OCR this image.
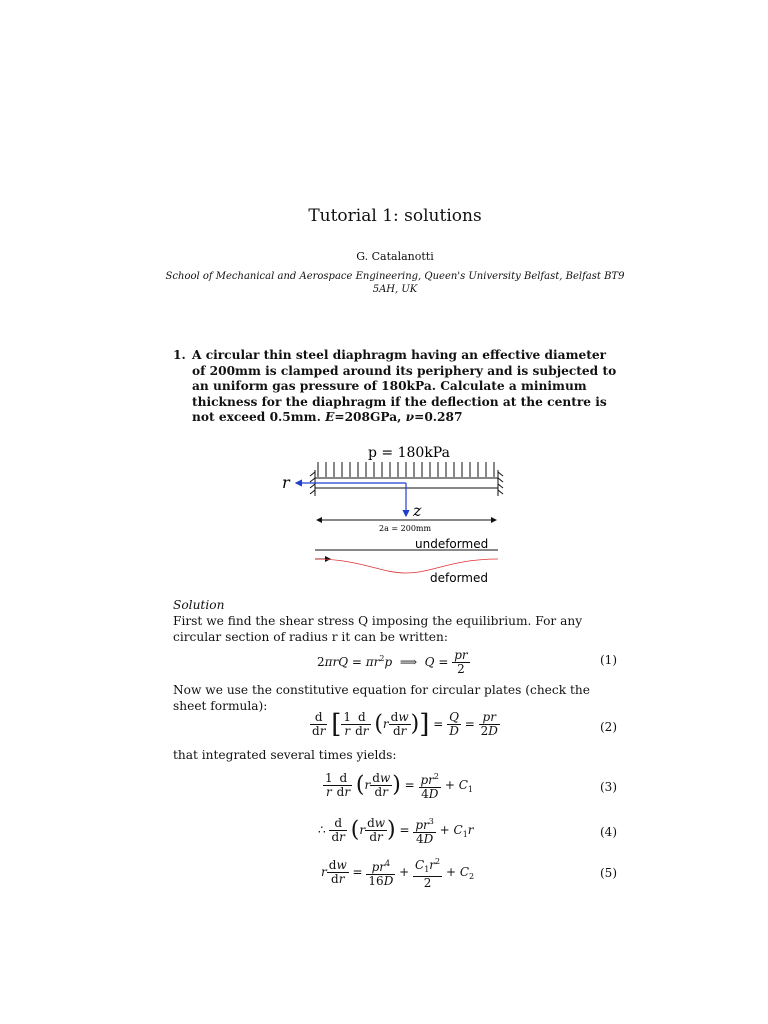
Tutorial 1: solutions
G. Catalanotti
School of Mechanical and Aerospace Engineering, Queen's University Belfast, Belfast BT9 5AH, UK
1. A circular thin steel diaphragm having an effective diameter of 200mm is clamped around its periphery and is subjected to an uniform gas pressure of 180kPa. Calculate a minimum thickness for the diaphragm if the deflection at the centre is not exceed 0.5mm. E=208GPa, ν=0.287
p = 180kPa
r
z
2a = 200mm
undeformed
deformed
Solution
First we find the shear stress Q imposing the equilibrium. For any circular section of radius r it can be written:
$2\pi rQ = \pi r^2p$  ⟹  $Q = \frac{pr}{2}$	(1)
Now we use the constitutive equation for circular plates (check the sheet formula):
$\frac{d}{dr}$ [ $\frac{1}{r} \frac{d}{dr} (r \frac{dw}{dr}$ )] = $\frac{Q}{D} = \frac{pr}{2D}$	(2)
that integrated several times yields:
$\frac{1}{r} \frac{d}{dr} (r \frac{dw}{dr}$ ) = $\frac{pr^2}{4D} + C_1$	(3)
∴ $\frac{d}{dr} (r \frac{dw}{dr}$ ) = $\frac{pr^3}{4D} + C_1r$	(4)
r $\frac{dw}{dr} = \frac{pr^4}{16D} + \frac{C_1r^2}{2} + C_2$	(5)
